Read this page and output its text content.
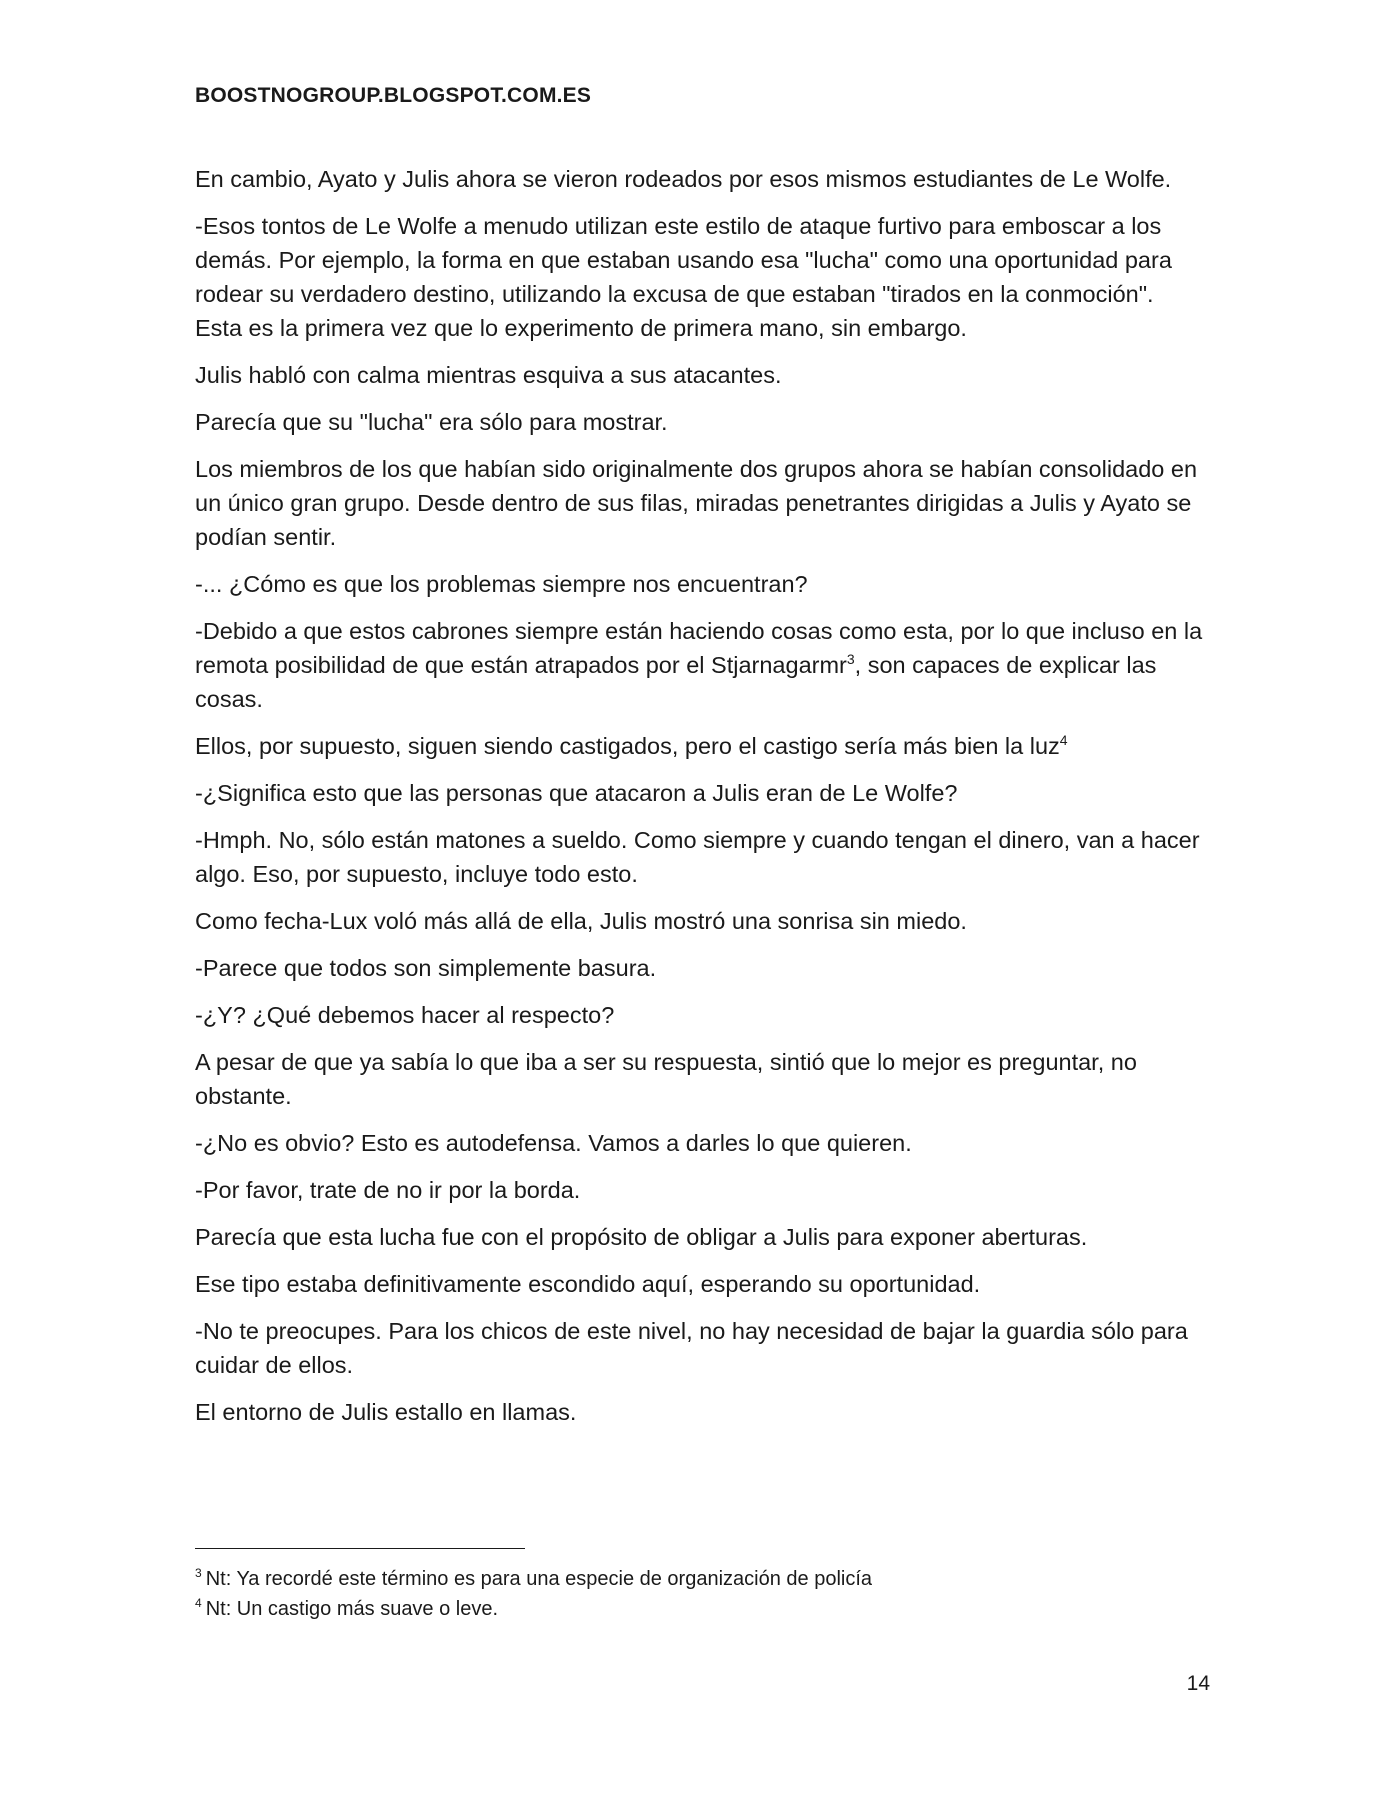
BOOSTNOGROUP.BLOGSPOT.COM.ES

En cambio, Ayato y Julis ahora se vieron rodeados por esos mismos estudiantes de Le Wolfe.

-Esos tontos de Le Wolfe a menudo utilizan este estilo de ataque furtivo para emboscar a los demás. Por ejemplo, la forma en que estaban usando esa "lucha" como una oportunidad para rodear su verdadero destino, utilizando la excusa de que estaban "tirados en la conmoción". Esta es la primera vez que lo experimento de primera mano, sin embargo.

Julis habló con calma mientras esquiva a sus atacantes.

Parecía que su "lucha" era sólo para mostrar.

Los miembros de los que habían sido originalmente dos grupos ahora se habían consolidado en un único gran grupo. Desde dentro de sus filas, miradas penetrantes dirigidas a Julis y Ayato se podían sentir.

-... ¿Cómo es que los problemas siempre nos encuentran?

-Debido a que estos cabrones siempre están haciendo cosas como esta, por lo que incluso en la remota posibilidad de que están atrapados por el Stjarnagarmr$^3$, son capaces de explicar las cosas.

Ellos, por supuesto, siguen siendo castigados, pero el castigo sería más bien la luz$^4$

-¿Significa esto que las personas que atacaron a Julis eran de Le Wolfe?

-Hmph. No, sólo están matones a sueldo. Como siempre y cuando tengan el dinero, van a hacer algo. Eso, por supuesto, incluye todo esto.

Como fecha-Lux voló más allá de ella, Julis mostró una sonrisa sin miedo.

-Parece que todos son simplemente basura.

-¿Y? ¿Qué debemos hacer al respecto?

A pesar de que ya sabía lo que iba a ser su respuesta, sintió que lo mejor es preguntar, no obstante.

-¿No es obvio? Esto es autodefensa. Vamos a darles lo que quieren.

-Por favor, trate de no ir por la borda.

Parecía que esta lucha fue con el propósito de obligar a Julis para exponer aberturas.

Ese tipo estaba definitivamente escondido aquí, esperando su oportunidad.

-No te preocupes. Para los chicos de este nivel, no hay necesidad de bajar la guardia sólo para cuidar de ellos.

El entorno de Julis estallo en llamas.

$^3$ Nt: Ya recordé este término es para una especie de organización de policía
$^4$ Nt: Un castigo más suave o leve.
14
